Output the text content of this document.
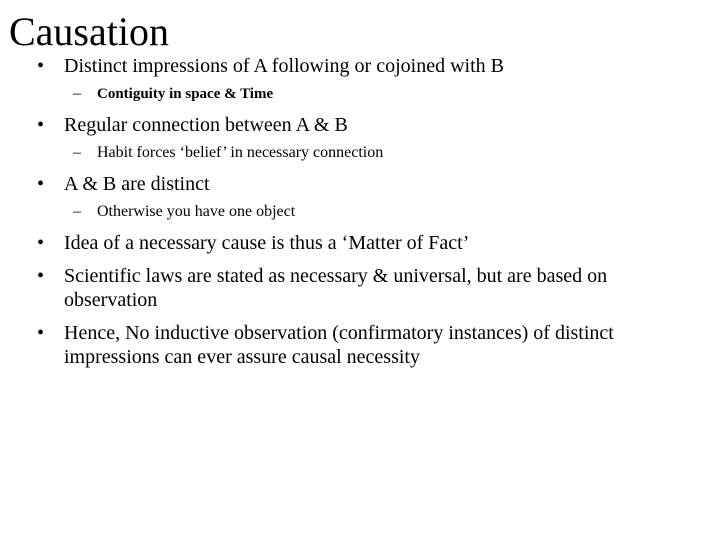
Causation
• Distinct impressions of A following or cojoined with B
– Contiguity in space & Time
• Regular connection between A & B
– Habit forces ‘belief’ in necessary connection
• A & B are distinct
– Otherwise you have one object
• Idea of a necessary cause is thus a ‘Matter of Fact’
• Scientific laws are stated as necessary & universal, but are based on observation
• Hence, No inductive observation (confirmatory instances) of distinct impressions can ever assure causal necessity
